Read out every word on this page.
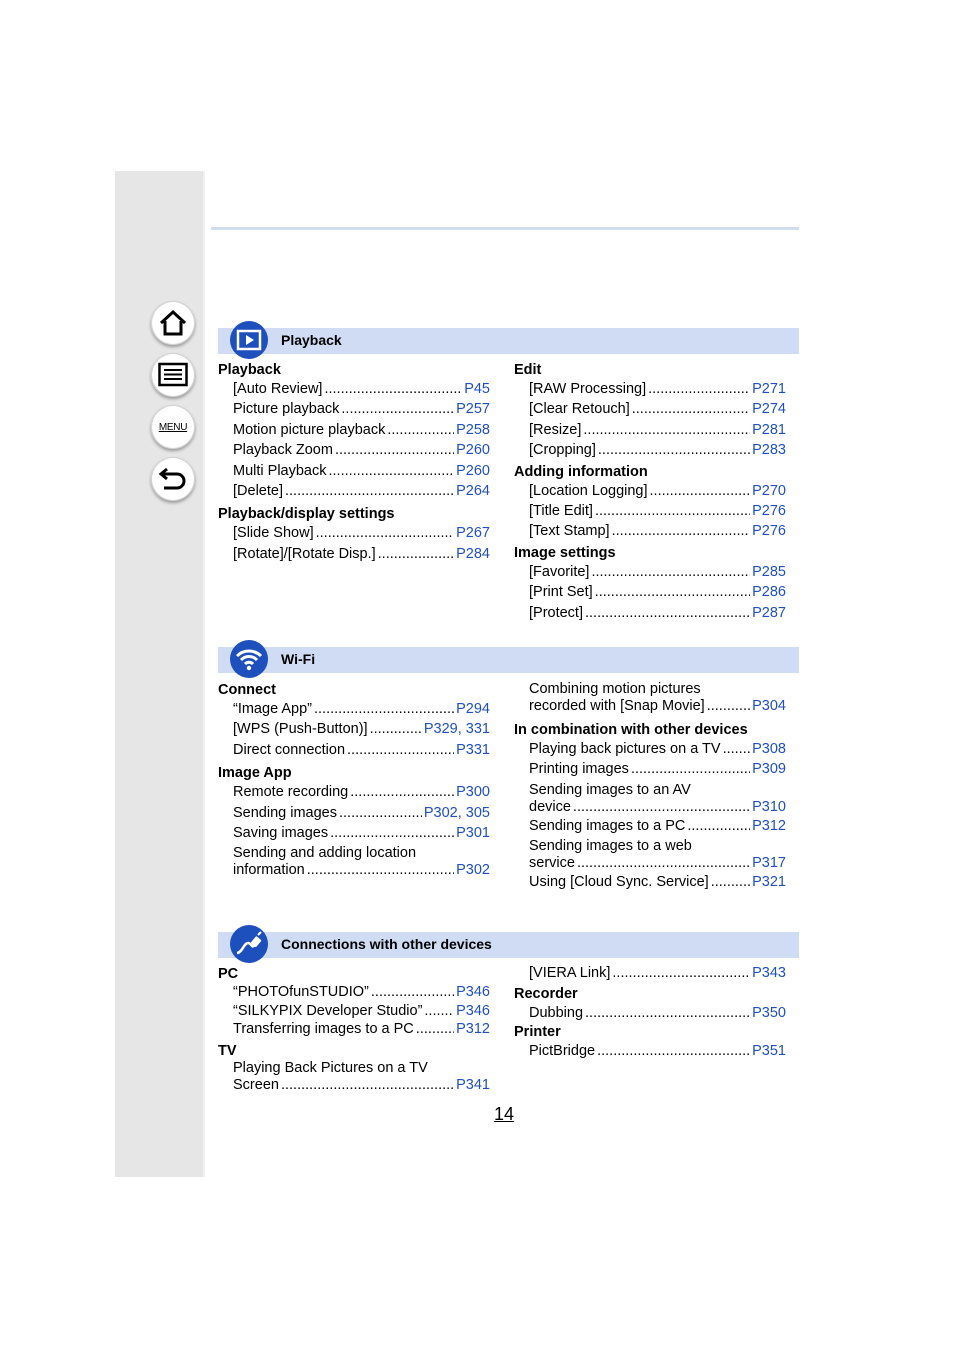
MENU
Playback
Playback
[Auto Review] .....	P45
Picture playback .....	P257
Motion picture playback .....	P258
Playback Zoom .....	P260
Multi Playback .....	P260
[Delete] .....	P264
Playback/display settings
[Slide Show] .....	P267
[Rotate]/[Rotate Disp.] .....	P284
Edit
[RAW Processing] .....	P271
[Clear Retouch] .....	P274
[Resize] .....	P281
[Cropping] .....	P283
Adding information
[Location Logging] .....	P270
[Title Edit] .....	P276
[Text Stamp] .....	P276
Image settings
[Favorite] .....	P285
[Print Set] .....	P286
[Protect] .....	P287
Wi-Fi
Connect
“Image App” .....	P294
[WPS (Push-Button)] .....	P329, 331
Direct connection .....	P331
Image App
Remote recording .....	P300
Sending images .....	P302, 305
Saving images .....	P301
Sending and adding location
information .....	P302
Combining motion pictures
recorded with [Snap Movie] .....	P304
In combination with other devices
Playing back pictures on a TV ..... P308
Printing images .....	P309
Sending images to an AV
device .....	P310
Sending images to a PC .....	P312
Sending images to a web
service .....	P317
Using [Cloud Sync. Service] .....	P321
Connections with other devices
PC
“PHOTOfunSTUDIO” .....	P346
“SILKYPIX Developer Studio” ..... P346
Transferring images to a PC .....	P312
TV
Playing Back Pictures on a TV
Screen .....	P341
[VIERA Link] .....	P343
Recorder
Dubbing .....	P350
Printer
PictBridge .....	P351
14
